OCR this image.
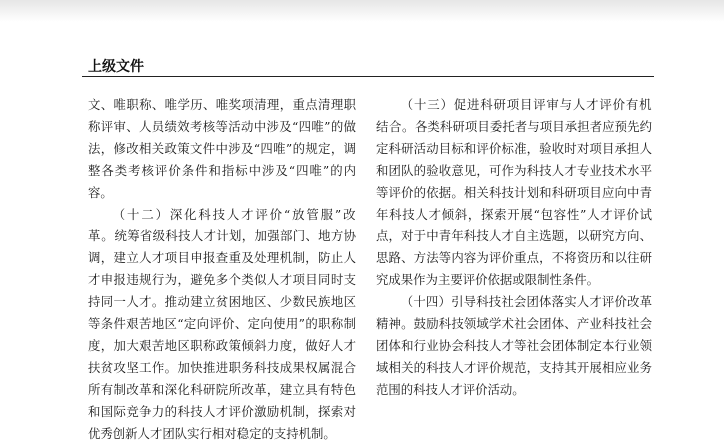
上级文件

文、唯职称、唯学历、唯奖项清理，重点清理职称评审、人员绩效考核等活动中涉及“四唯”的做法，修改相关政策文件中涉及“四唯”的规定，调整各类考核评价条件和指标中涉及“四唯”的内容。

（十二）深化科技人才评价“放管服”改革。统筹省级科技人才计划，加强部门、地方协调，建立人才项目申报查重及处理机制，防止人才申报违规行为，避免多个类似人才项目同时支持同一人才。推动建立贫困地区、少数民族地区等条件艰苦地区“定向评价、定向使用”的职称制度，加大艰苦地区职称政策倾斜力度，做好人才扶贫攻坚工作。加快推进职务科技成果权属混合所有制改革和深化科研院所改革，建立具有特色和国际竞争力的科技人才评价激励机制，探索对优秀创新人才团队实行相对稳定的支持机制。

（十三）促进科研项目评审与人才评价有机结合。各类科研项目委托者与项目承担者应预先约定科研活动目标和评价标准，验收时对项目承担人和团队的验收意见，可作为科技人才专业技术水平等评价的依据。相关科技计划和科研项目应向中青年科技人才倾斜，探索开展“包容性”人才评价试点，对于中青年科技人才自主选题，以研究方向、思路、方法等内容为评价重点，不将资历和以往研究成果作为主要评价依据或限制性条件。

（十四）引导科技社会团体落实人才评价改革精神。鼓励科技领域学术社会团体、产业科技社会团体和行业协会科技人才等社会团体制定本行业领域相关的科技人才评价规范，支持其开展相应业务范围的科技人才评价活动。
